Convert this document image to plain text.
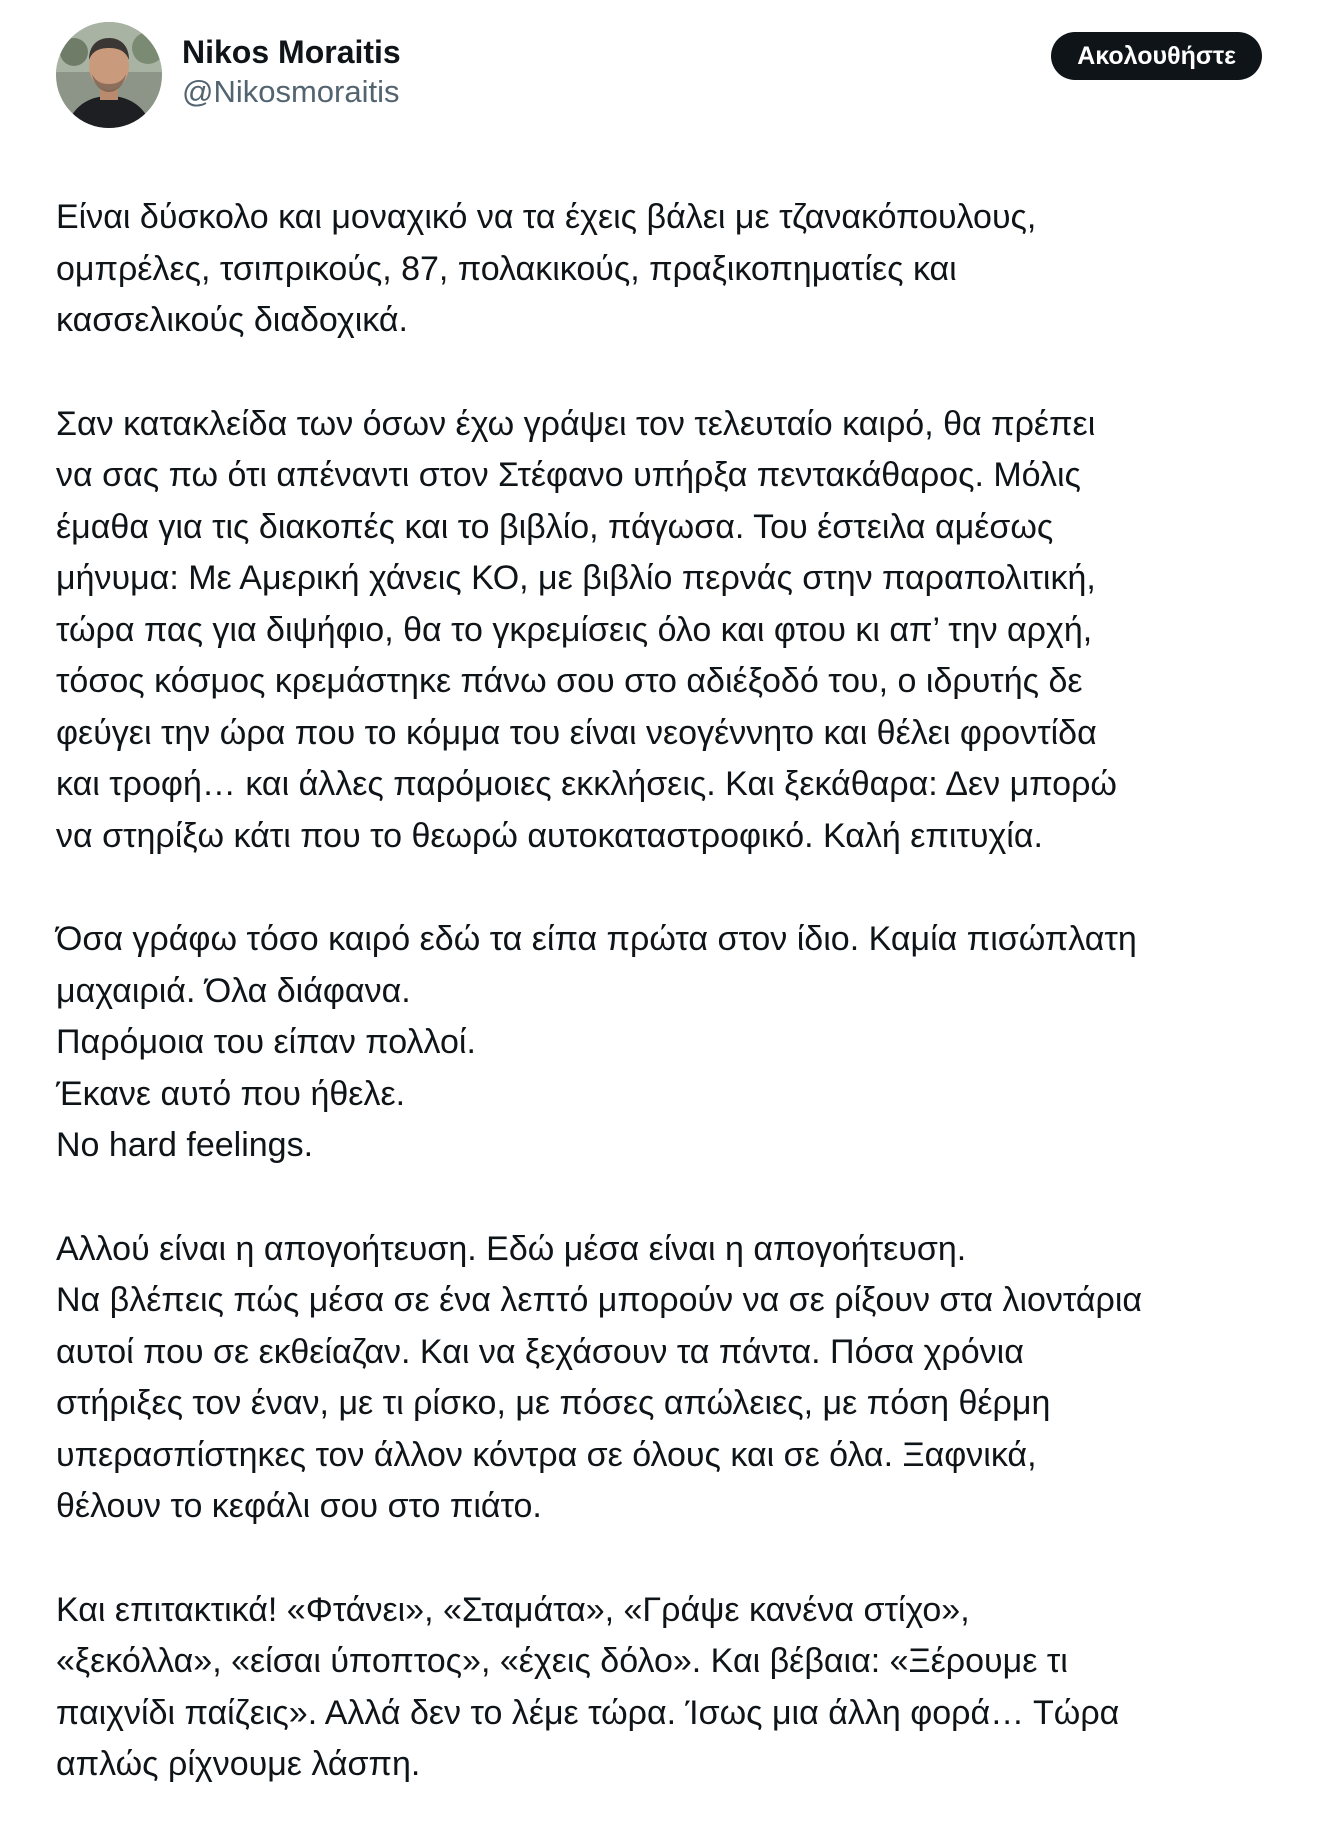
Nikos Moraitis
@Nikosmoraitis
Ακολουθήστε
Είναι δύσκολο και μοναχικό να τα έχεις βάλει με τζανακόπουλους,
ομπρέλες, τσιπρικούς, 87, πολακικούς, πραξικοπηματίες και
κασσελικούς διαδοχικά.
Σαν κατακλείδα των όσων έχω γράψει τον τελευταίο καιρό, θα πρέπει
να σας πω ότι απέναντι στον Στέφανο υπήρξα πεντακάθαρος. Μόλις
έμαθα για τις διακοπές και το βιβλίο, πάγωσα. Του έστειλα αμέσως
μήνυμα: Με Αμερική χάνεις ΚΟ, με βιβλίο περνάς στην παραπολιτική,
τώρα πας για διψήφιο, θα το γκρεμίσεις όλο και φτου κι απ’ την αρχή,
τόσος κόσμος κρεμάστηκε πάνω σου στο αδιέξοδό του, ο ιδρυτής δε
φεύγει την ώρα που το κόμμα του είναι νεογέννητο και θέλει φροντίδα
και τροφή… και άλλες παρόμοιες εκκλήσεις. Και ξεκάθαρα: Δεν μπορώ
να στηρίξω κάτι που το θεωρώ αυτοκαταστροφικό. Καλή επιτυχία.
Όσα γράφω τόσο καιρό εδώ τα είπα πρώτα στον ίδιο. Καμία πισώπλατη
μαχαιριά. Όλα διάφανα.
Παρόμοια του είπαν πολλοί.
Έκανε αυτό που ήθελε.
No hard feelings.
Αλλού είναι η απογοήτευση. Εδώ μέσα είναι η απογοήτευση.
Να βλέπεις πώς μέσα σε ένα λεπτό μπορούν να σε ρίξουν στα λιοντάρια
αυτοί που σε εκθείαζαν. Και να ξεχάσουν τα πάντα. Πόσα χρόνια
στήριξες τον έναν, με τι ρίσκο, με πόσες απώλειες, με πόση θέρμη
υπερασπίστηκες τον άλλον κόντρα σε όλους και σε όλα. Ξαφνικά,
θέλουν το κεφάλι σου στο πιάτο.
Και επιτακτικά! «Φτάνει», «Σταμάτα», «Γράψε κανένα στίχο»,
«ξεκόλλα», «είσαι ύποπτος», «έχεις δόλο». Και βέβαια: «Ξέρουμε τι
παιχνίδι παίζεις». Αλλά δεν το λέμε τώρα. Ίσως μια άλλη φορά… Τώρα
απλώς ρίχνουμε λάσπη.
